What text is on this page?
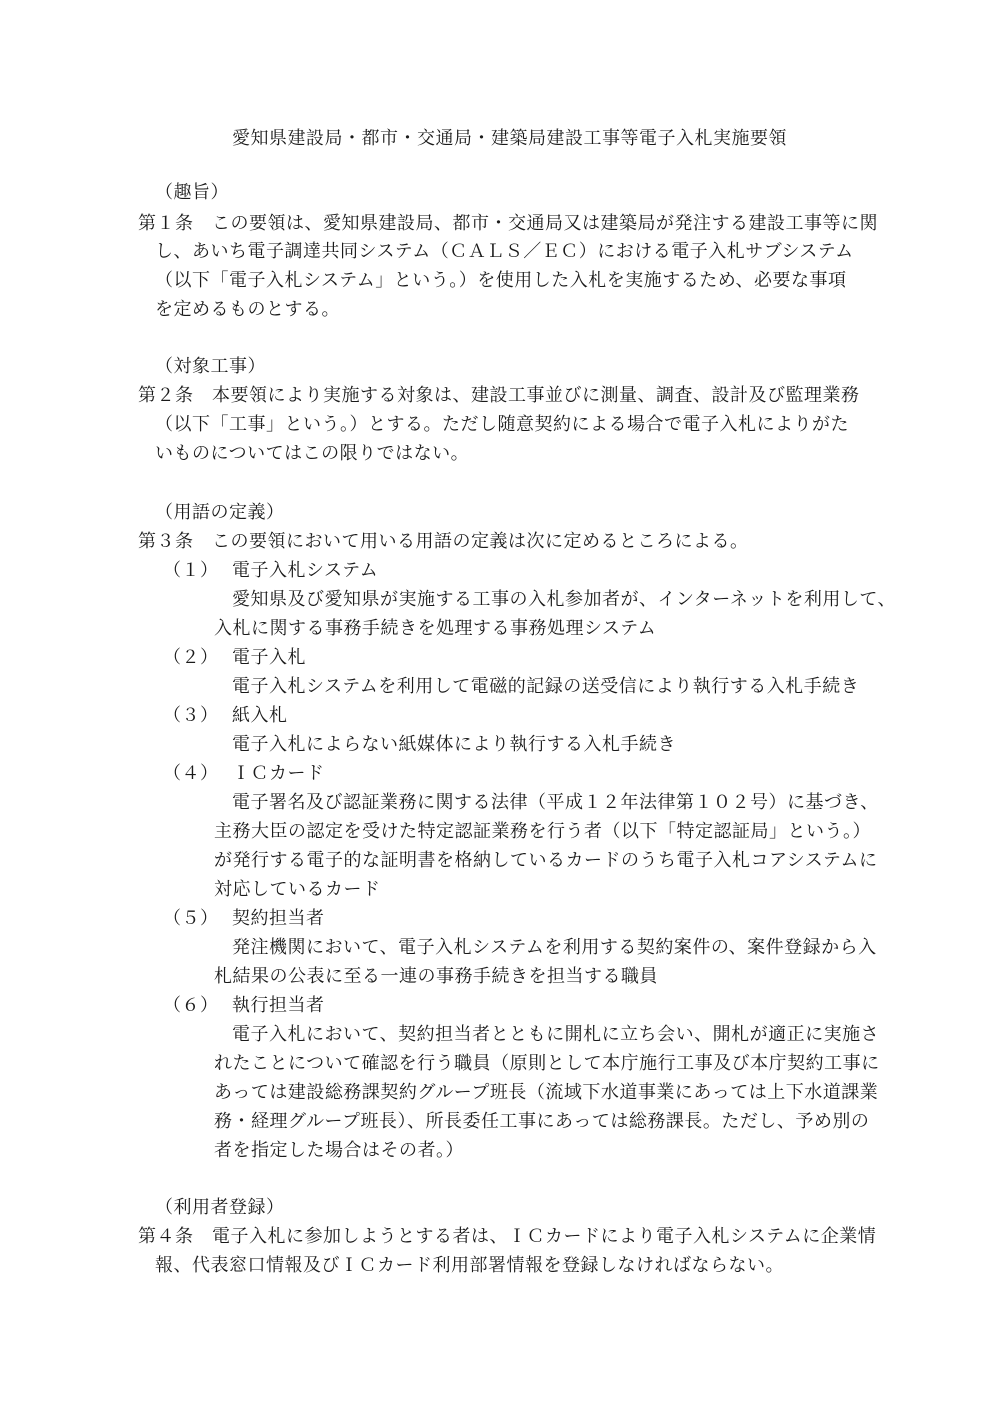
愛知県建設局・都市・交通局・建築局建設工事等電子入札実施要領
（趣旨）
第１条　この要領は、愛知県建設局、都市・交通局又は建築局が発注する建設工事等に関
し、あいち電子調達共同システム（ＣＡＬＳ／ＥＣ）における電子入札サブシステム
（以下「電子入札システム」という。）を使用した入札を実施するため、必要な事項
を定めるものとする。
（対象工事）
第２条　本要領により実施する対象は、建設工事並びに測量、調査、設計及び監理業務
（以下「工事」という。）とする。ただし随意契約による場合で電子入札によりがた
いものについてはこの限りではない。
（用語の定義）
第３条　この要領において用いる用語の定義は次に定めるところによる。
（１） 電子入札システム
愛知県及び愛知県が実施する工事の入札参加者が、インターネットを利用して、
入札に関する事務手続きを処理する事務処理システム
（２） 電子入札
電子入札システムを利用して電磁的記録の送受信により執行する入札手続き
（３） 紙入札
電子入札によらない紙媒体により執行する入札手続き
（４） ＩＣカード
電子署名及び認証業務に関する法律（平成１２年法律第１０２号）に基づき、
主務大臣の認定を受けた特定認証業務を行う者（以下「特定認証局」という。）
が発行する電子的な証明書を格納しているカードのうち電子入札コアシステムに
対応しているカード
（５） 契約担当者
発注機関において、電子入札システムを利用する契約案件の、案件登録から入
札結果の公表に至る一連の事務手続きを担当する職員
（６） 執行担当者
電子入札において、契約担当者とともに開札に立ち会い、開札が適正に実施さ
れたことについて確認を行う職員（原則として本庁施行工事及び本庁契約工事に
あっては建設総務課契約グループ班長（流域下水道事業にあっては上下水道課業
務・経理グループ班長）、所長委任工事にあっては総務課長。ただし、予め別の
者を指定した場合はその者。）
（利用者登録）
第４条　電子入札に参加しようとする者は、ＩＣカードにより電子入札システムに企業情
報、代表窓口情報及びＩＣカード利用部署情報を登録しなければならない。
